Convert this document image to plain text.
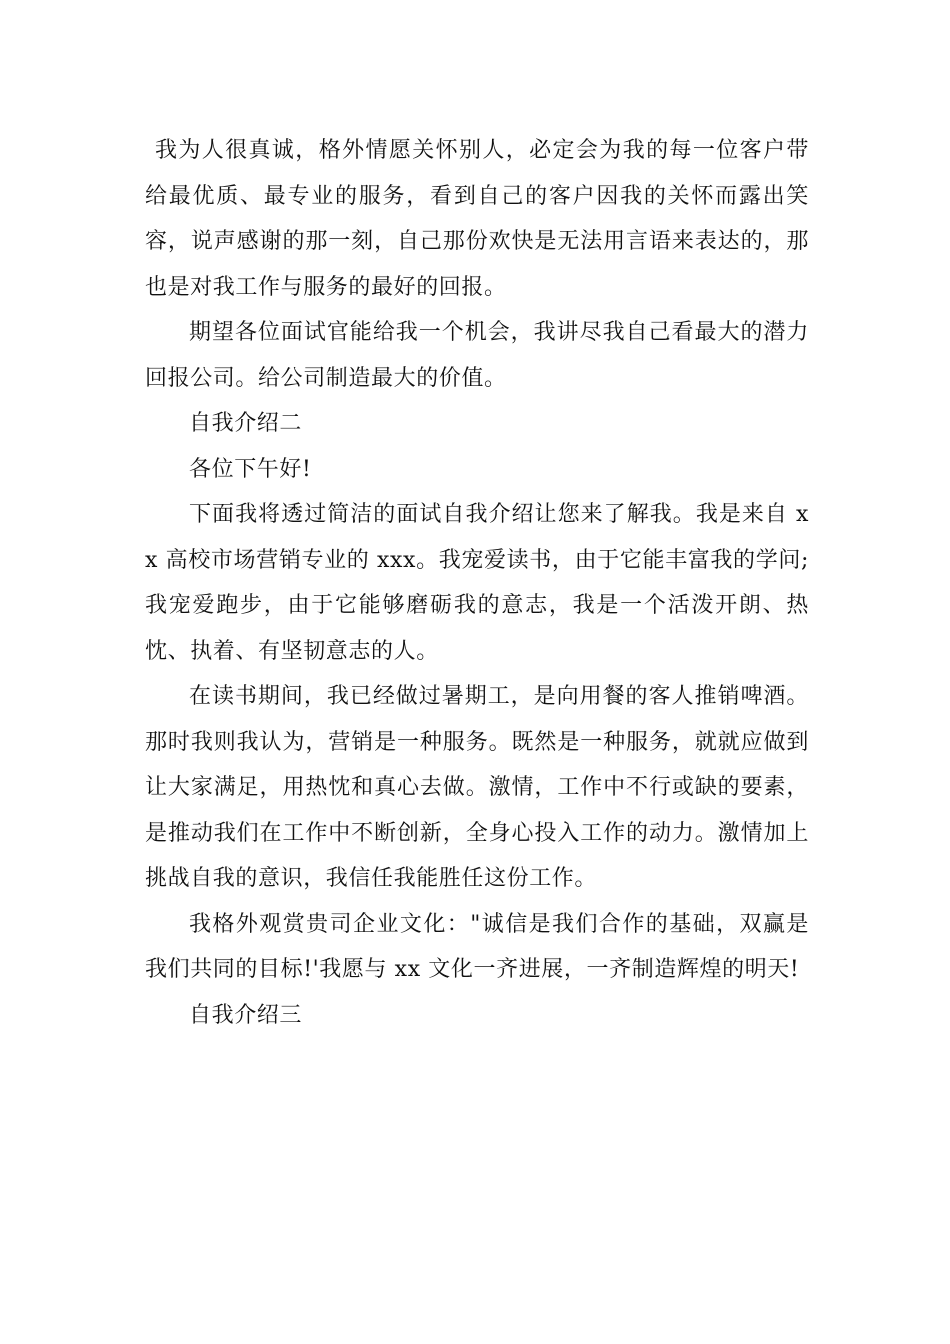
我为人很真诚，格外情愿关怀别人，必定会为我的每一位客户带给最优质、最专业的服务，看到自己的客户因我的关怀而露出笑容，说声感谢的那一刻，自己那份欢快是无法用言语来表达的，那也是对我工作与服务的最好的回报。

期望各位面试官能给我一个机会，我讲尽我自己看最大的潜力回报公司。给公司制造最大的价值。

自我介绍二

各位下午好!

下面我将透过简洁的面试自我介绍让您来了解我。我是来自 xx 高校市场营销专业的 xxx。我宠爱读书，由于它能丰富我的学问;我宠爱跑步，由于它能够磨砺我的意志，我是一个活泼开朗、热忱、执着、有坚韧意志的人。

在读书期间，我已经做过暑期工，是向用餐的客人推销啤酒。那时我则我认为，营销是一种服务。既然是一种服务，就就应做到让大家满足，用热忱和真心去做。激情，工作中不行或缺的要素，是推动我们在工作中不断创新，全身心投入工作的动力。激情加上挑战自我的意识，我信任我能胜任这份工作。

我格外观赏贵司企业文化："诚信是我们合作的基础，双赢是我们共同的目标!'我愿与 xx 文化一齐进展，一齐制造辉煌的明天!

自我介绍三
